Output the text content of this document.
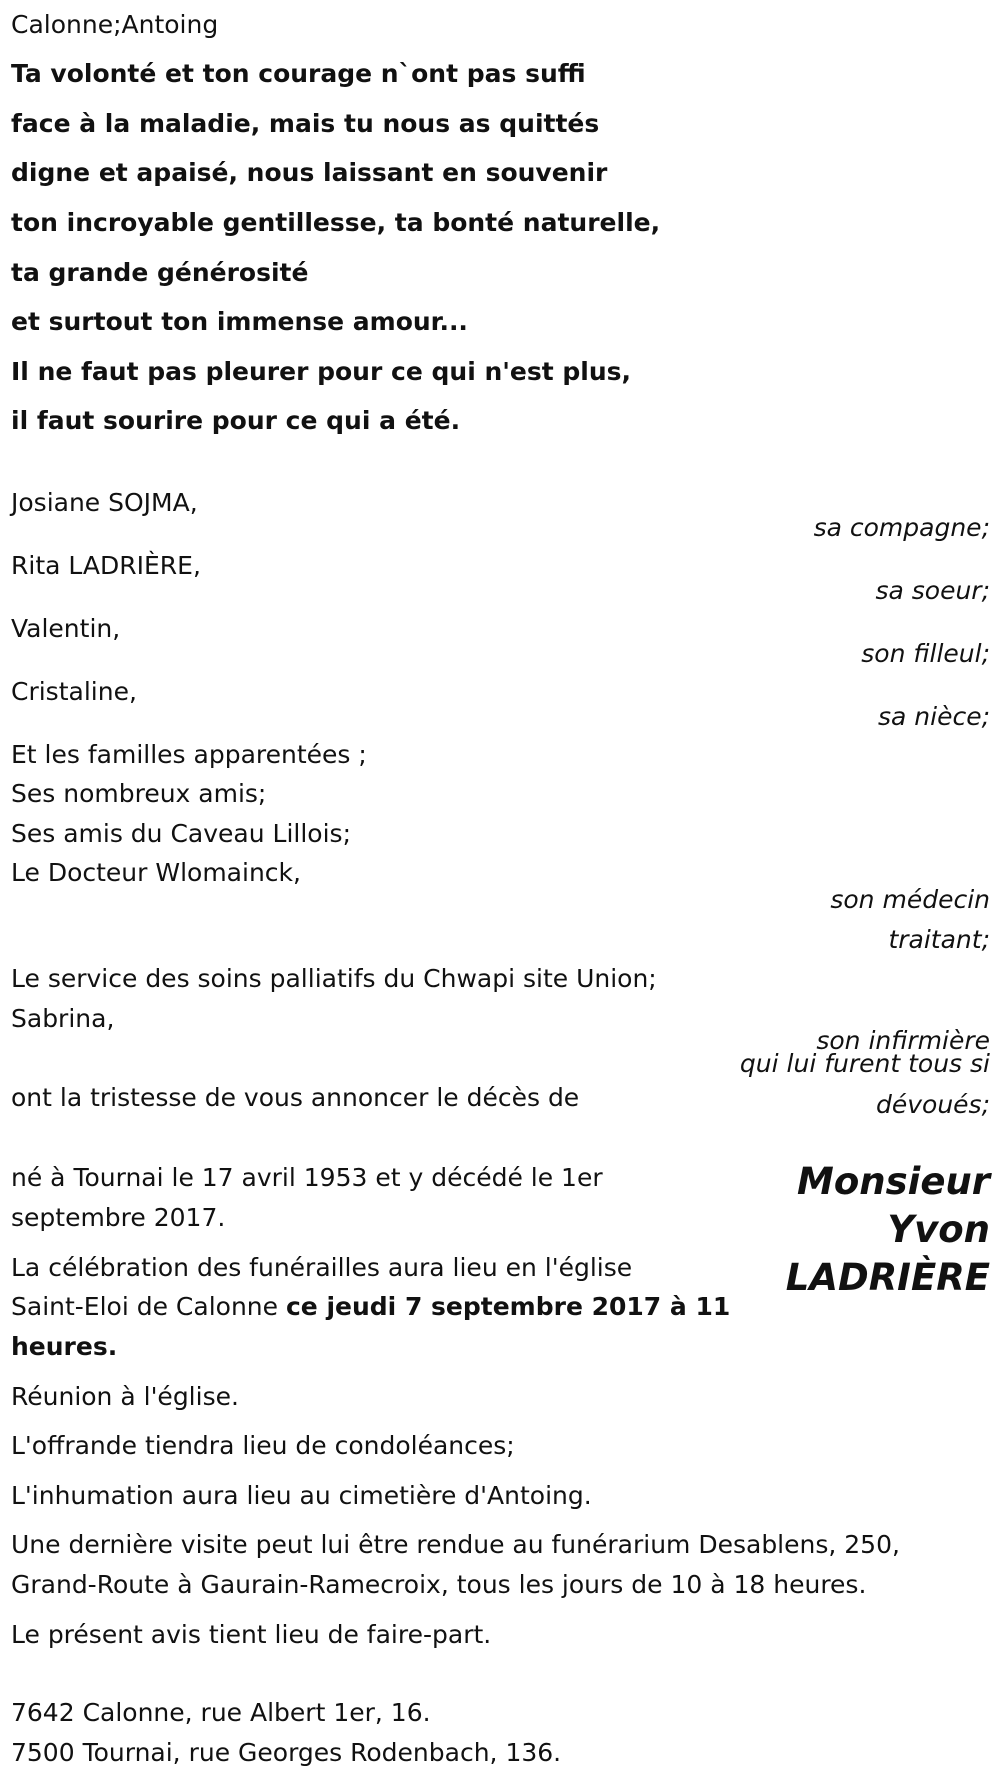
Calonne;Antoing
Ta volonté et ton courage n`ont pas suffi
face à la maladie, mais tu nous as quittés
digne et apaisé, nous laissant en souvenir
ton incroyable gentillesse, ta bonté naturelle,
ta grande générosité
et surtout ton immense amour...
Il ne faut pas pleurer pour ce qui n'est plus,
il faut sourire pour ce qui a été.
Josiane SOJMA,
sa compagne;
Rita LADRIÈRE,
sa soeur;
Valentin,
son filleul;
Cristaline,
sa nièce;
Et les familles apparentées ;
Ses nombreux amis;
Ses amis du Caveau Lillois;
Le Docteur Wlomainck,
son médecin
traitant;
Le service des soins palliatifs du Chwapi site Union;
Sabrina,
son infirmière
qui lui furent tous si
dévoués;
ont la tristesse de vous annoncer le décès de
Monsieur
Yvon
LADRIÈRE
né à Tournai le 17 avril 1953 et y décédé le 1er
septembre 2017.
La célébration des funérailles aura lieu en l'église
Saint-Eloi de Calonne ce jeudi 7 septembre 2017 à 11
heures.
Réunion à l'église.
L'offrande tiendra lieu de condoléances;
L'inhumation aura lieu au cimetière d'Antoing.
Une dernière visite peut lui être rendue au funérarium Desablens, 250,
Grand-Route à Gaurain-Ramecroix, tous les jours de 10 à 18 heures.
Le présent avis tient lieu de faire-part.
7642 Calonne, rue Albert 1er, 16.
7500 Tournai, rue Georges Rodenbach, 136.
